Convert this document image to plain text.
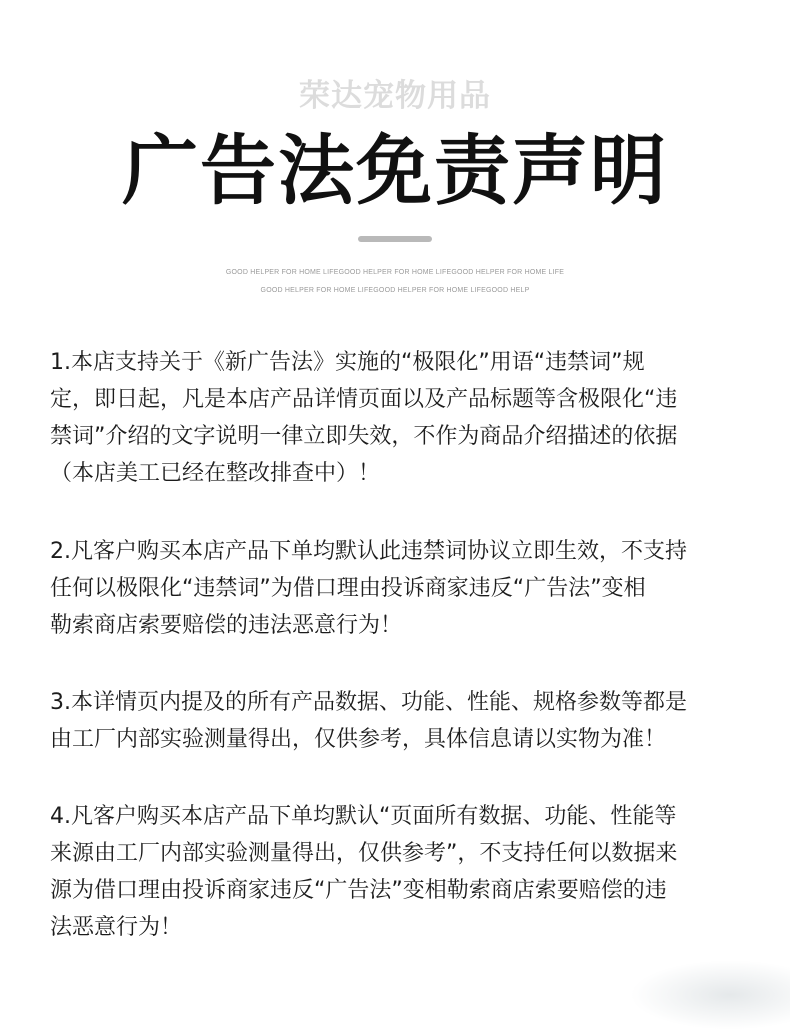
荣达宠物用品
广告法免责声明
GOOD HELPER FOR HOME LIFEGOOD HELPER FOR HOME LIFEGOOD HELPER FOR HOME LIFE
GOOD HELPER FOR HOME LIFEGOOD HELPER FOR HOME LIFEGOOD HELP
1.本店支持关于《新广告法》实施的“极限化”用语“违禁词”规
定，即日起，凡是本店产品详情页面以及产品标题等含极限化“违
禁词”介绍的文字说明一律立即失效，不作为商品介绍描述的依据
（本店美工已经在整改排查中）！
2.凡客户购买本店产品下单均默认此违禁词协议立即生效，不支持
任何以极限化“违禁词”为借口理由投诉商家违反“广告法”变相
勒索商店索要赔偿的违法恶意行为！
3.本详情页内提及的所有产品数据、功能、性能、规格参数等都是
由工厂内部实验测量得出，仅供参考，具体信息请以实物为准！
4.凡客户购买本店产品下单均默认“页面所有数据、功能、性能等
来源由工厂内部实验测量得出，仅供参考”，不支持任何以数据来
源为借口理由投诉商家违反“广告法”变相勒索商店索要赔偿的违
法恶意行为！
